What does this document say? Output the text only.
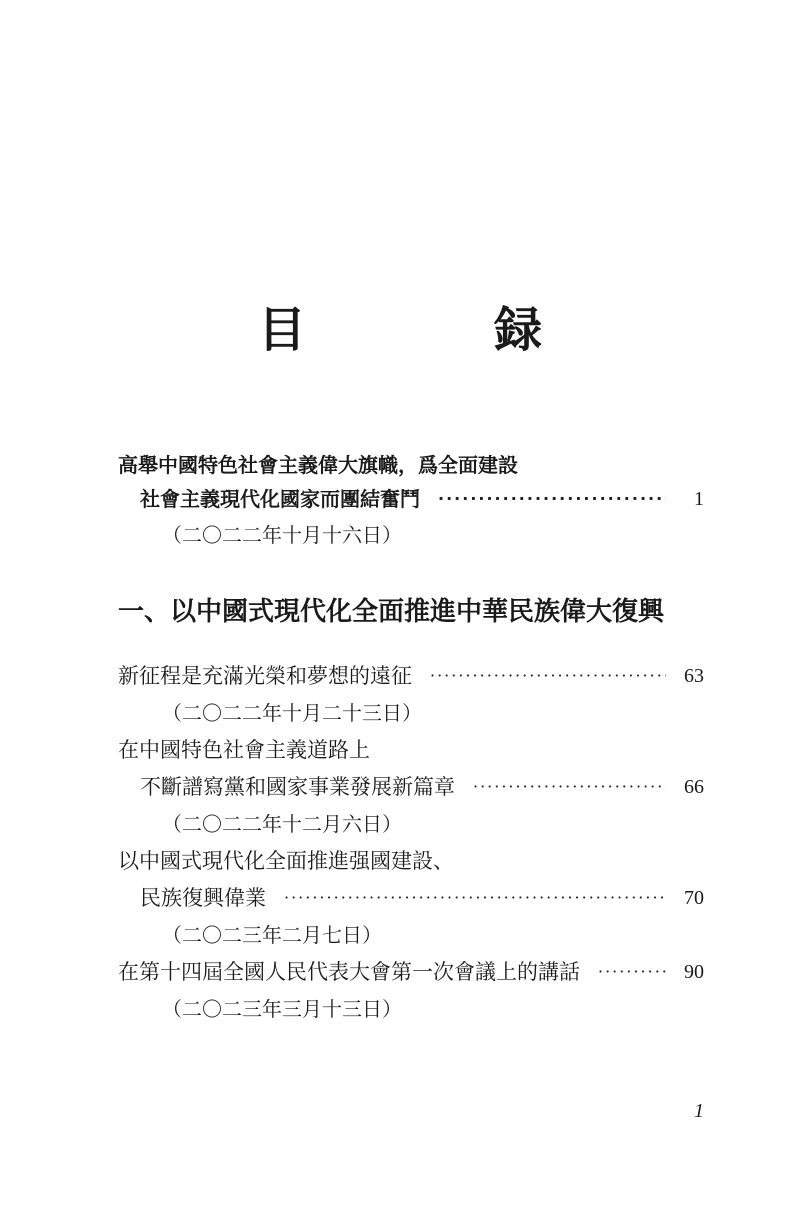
目　録
高舉中國特色社會主義偉大旗幟，爲全面建設
社會主義現代化國家而團結奮鬥 ·····	1
（二〇二二年十月十六日）
一、以中國式現代化全面推進中華民族偉大復興
新征程是充滿光榮和夢想的遠征 ·····	63
（二〇二二年十月二十三日）
在中國特色社會主義道路上
不斷譜寫黨和國家事業發展新篇章 ·····	66
（二〇二二年十二月六日）
以中國式現代化全面推進强國建設、
民族復興偉業 ·····	70
（二〇二三年二月七日）
在第十四屆全國人民代表大會第一次會議上的講話 ·····	90
（二〇二三年三月十三日）
1
